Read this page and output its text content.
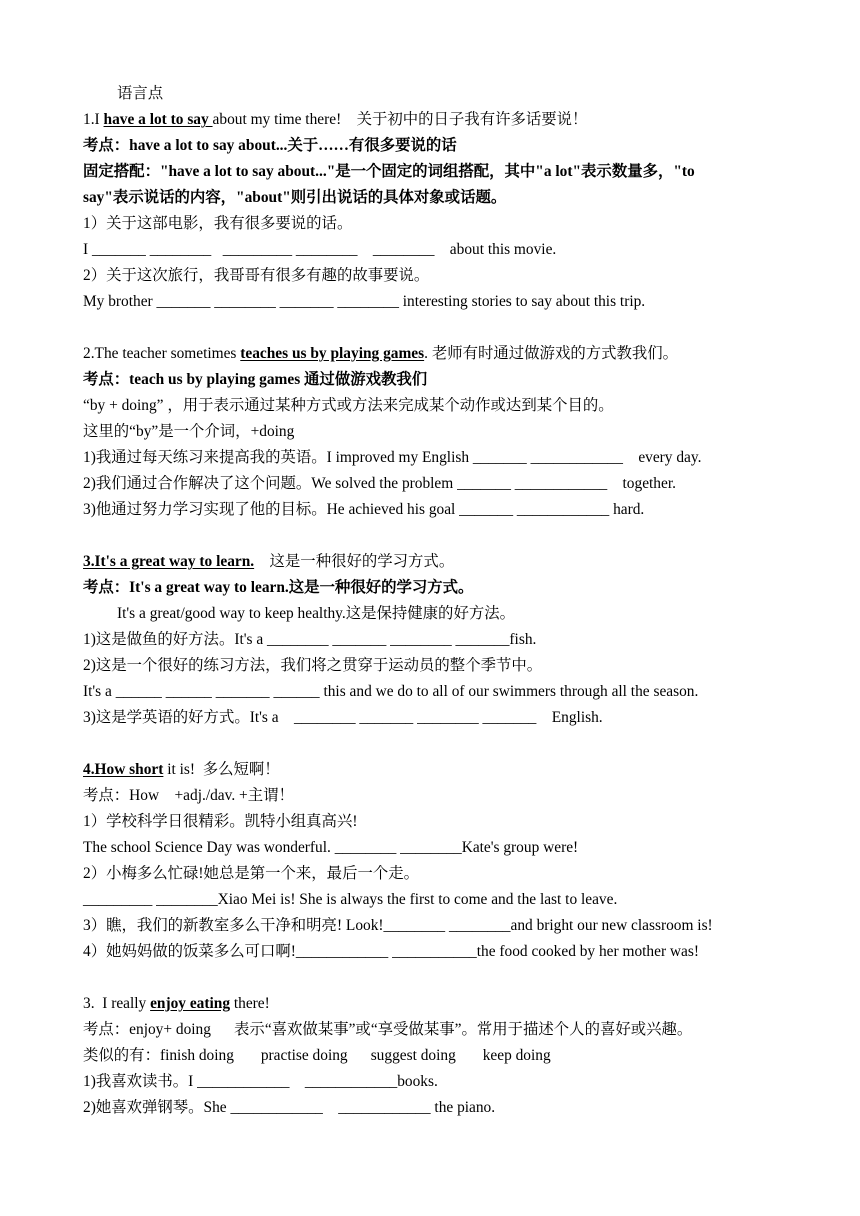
语言点
1.I have a lot to say about my time there!    关于初中的日子我有许多话要说！
考点：have a lot to say about...关于……有很多要说的话
固定搭配："have a lot to say about..."是一个固定的词组搭配，其中"a lot"表示数量多，"to
say"表示说话的内容，"about"则引出说话的具体对象或话题。
1）关于这部电影，我有很多要说的话。
I _______ ________   _________ ________    ________    about this movie.
2）关于这次旅行，我哥哥有很多有趣的故事要说。
My brother _______ ________ _______ ________ interesting stories to say about this trip.
2.The teacher sometimes teaches us by playing games. 老师有时通过做游戏的方式教我们。
考点：teach us by playing games 通过做游戏教我们
“by + doing” ，用于表示通过某种方式或方法来完成某个动作或达到某个目的。
这里的“by”是一个介词，+doing
1)我通过每天练习来提高我的英语。I improved my English _______ ____________    every day.
2)我们通过合作解决了这个问题。We solved the problem _______ ____________    together.
3)他通过努力学习实现了他的目标。He achieved his goal _______ ____________ hard.
3.It's a great way to learn.    这是一种很好的学习方式。
考点：It's a great way to learn.这是一种很好的学习方式。
It's a great/good way to keep healthy.这是保持健康的好方法。
1)这是做鱼的好方法。It's a ________ _______ ________ _______fish.
2)这是一个很好的练习方法，我们将之贯穿于运动员的整个季节中。
It's a ______ ______ _______ ______ this and we do to all of our swimmers through all the season.
3)这是学英语的好方式。It's a    ________ _______ ________ _______    English.
4.How short it is!  多么短啊！
考点：How    +adj./dav. +主谓！
1）学校科学日很精彩。凯特小组真高兴!
The school Science Day was wonderful. ________ ________Kate's group were!
2）小梅多么忙碌!她总是第一个来，最后一个走。
_________ ________Xiao Mei is! She is always the first to come and the last to leave.
3）瞧，我们的新教室多么干净和明亮! Look!________ ________and bright our new classroom is!
4）她妈妈做的饭菜多么可口啊!____________ ___________the food cooked by her mother was!
3.  I really enjoy eating there!
考点：enjoy+ doing      表示“喜欢做某事”或“享受做某事”。常用于描述个人的喜好或兴趣。
类似的有：finish doing       practise doing      suggest doing       keep doing
1)我喜欢读书。I ____________    ____________books.
2)她喜欢弹钢琴。She ____________    ____________ the piano.
